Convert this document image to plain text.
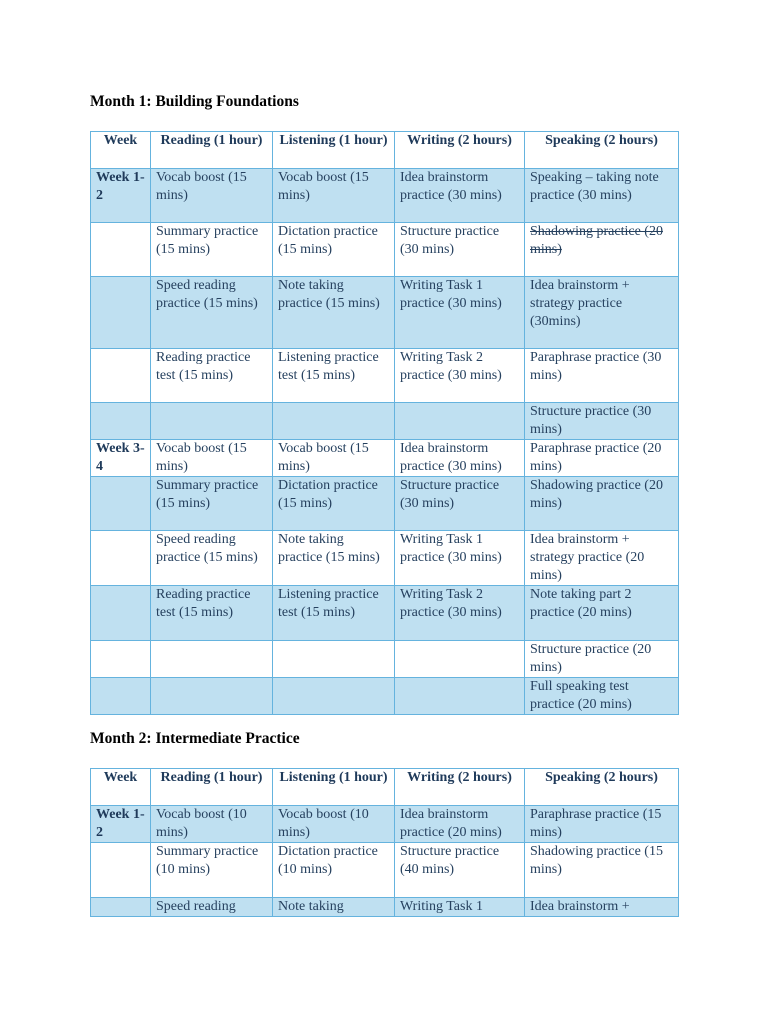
Month 1: Building Foundations
Week	Reading (1 hour)	Listening (1 hour)	Writing (2 hours)	Speaking (2 hours)
Week 1-2	Vocab boost (15 mins)	Vocab boost (15 mins)	Idea brainstorm practice (30 mins)	Speaking – taking note practice (30 mins)
	Summary practice (15 mins)	Dictation practice (15 mins)	Structure practice (30 mins)	Shadowing practice (20 mins)
	Speed reading practice (15 mins)	Note taking practice (15 mins)	Writing Task 1 practice (30 mins)	Idea brainstorm + strategy practice (30mins)
	Reading practice test (15 mins)	Listening practice test (15 mins)	Writing Task 2 practice (30 mins)	Paraphrase practice (30 mins)
				Structure practice (30 mins)
Week 3-4	Vocab boost (15 mins)	Vocab boost (15 mins)	Idea brainstorm practice (30 mins)	Paraphrase practice (20 mins)
	Summary practice (15 mins)	Dictation practice (15 mins)	Structure practice (30 mins)	Shadowing practice (20 mins)
	Speed reading practice (15 mins)	Note taking practice (15 mins)	Writing Task 1 practice (30 mins)	Idea brainstorm + strategy practice (20 mins)
	Reading practice test (15 mins)	Listening practice test (15 mins)	Writing Task 2 practice (30 mins)	Note taking part 2 practice (20 mins)
				Structure practice (20 mins)
				Full speaking test practice (20 mins)
Month 2: Intermediate Practice
Week	Reading (1 hour)	Listening (1 hour)	Writing (2 hours)	Speaking (2 hours)
Week 1-2	Vocab boost (10 mins)	Vocab boost (10 mins)	Idea brainstorm practice (20 mins)	Paraphrase practice (15 mins)
	Summary practice (10 mins)	Dictation practice (10 mins)	Structure practice (40 mins)	Shadowing practice (15 mins)
	Speed reading	Note taking	Writing Task 1	Idea brainstorm +
